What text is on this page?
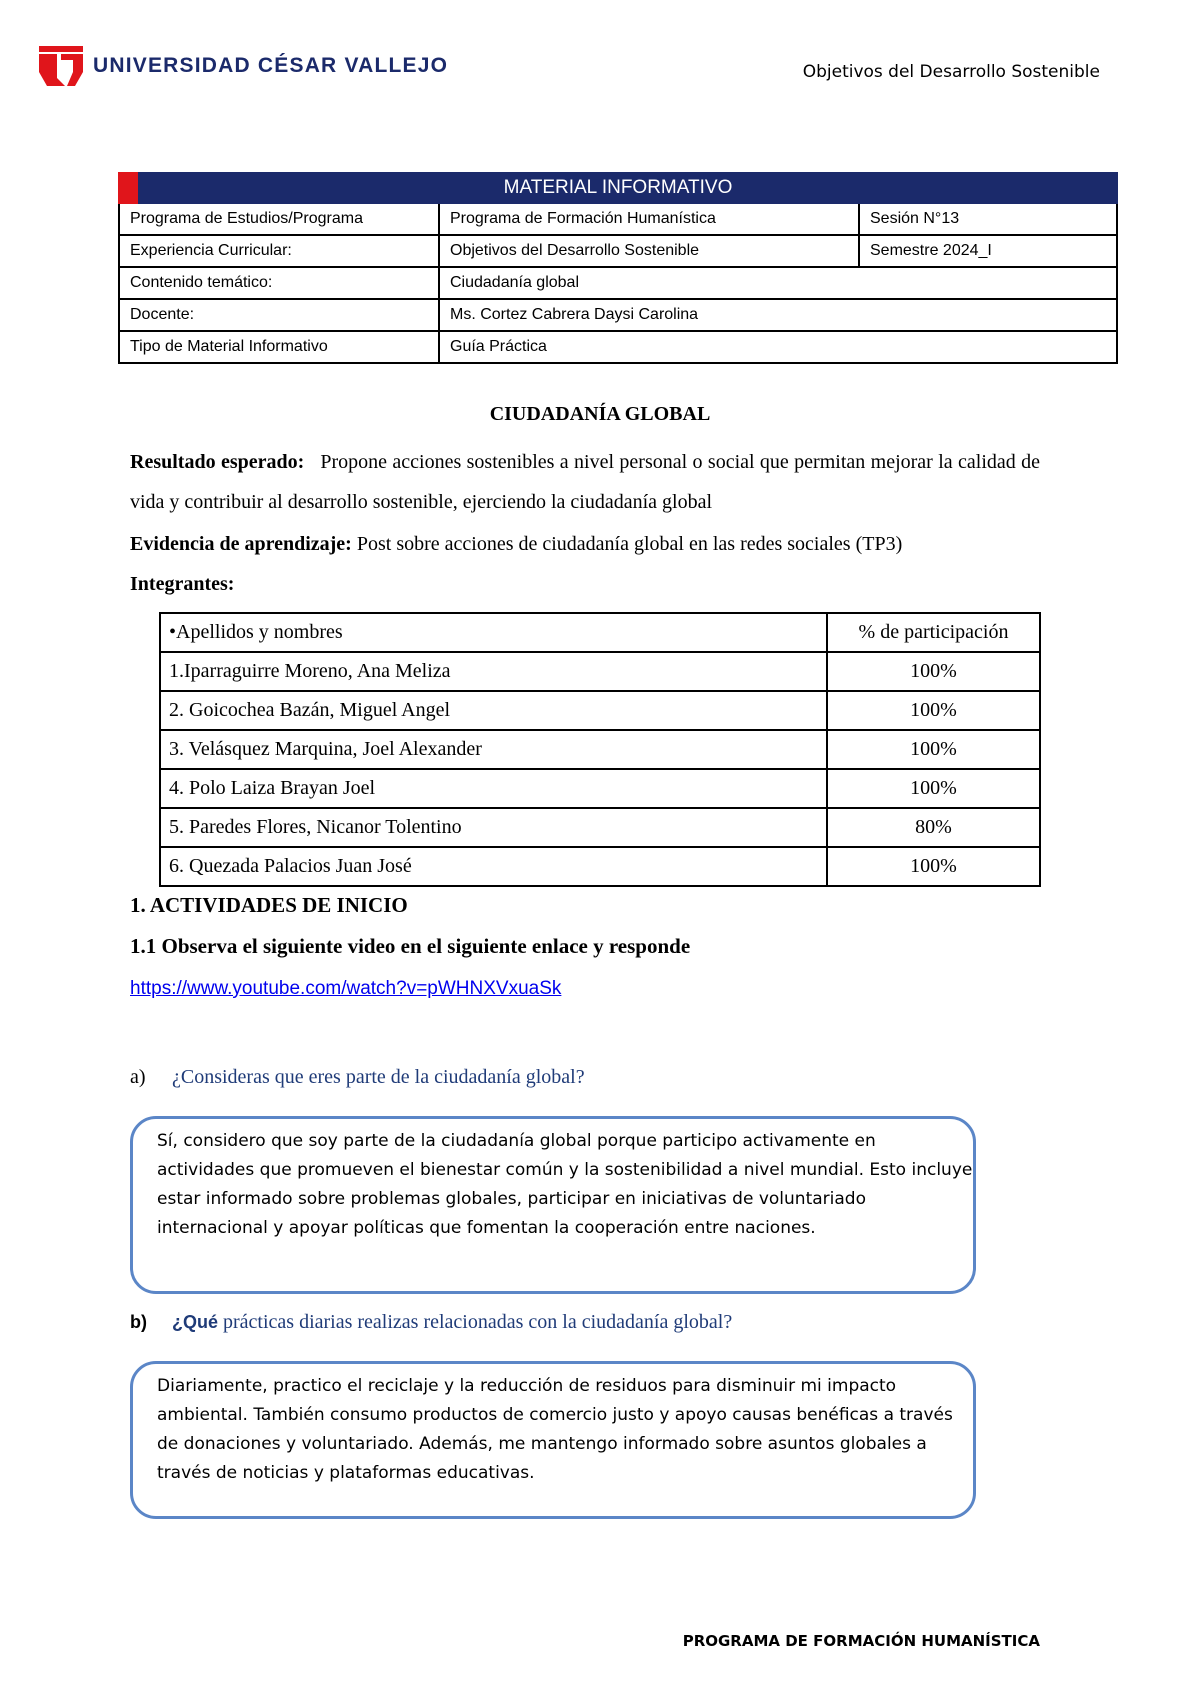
UNIVERSIDAD CÉSAR VALLEJO	Objetivos del Desarrollo Sostenible
MATERIAL INFORMATIVO		
Programa de Estudios/Programa	Programa de Formación Humanística	Sesión N°13
Experiencia Curricular:	Objetivos del Desarrollo Sostenible	Semestre 2024_I
Contenido temático:	Ciudadanía global	
Docente:	Ms. Cortez Cabrera Daysi Carolina	
Tipo de Material Informativo	Guía Práctica	
CIUDADANÍA GLOBAL
Resultado esperado: Propone acciones sostenibles a nivel personal o social que permitan mejorar la calidad de vida y contribuir al desarrollo sostenible, ejerciendo la ciudadanía global
Evidencia de aprendizaje: Post sobre acciones de ciudadanía global en las redes sociales (TP3)
Integrantes:
•Apellidos y nombres	% de participación
1.Iparraguirre Moreno, Ana Meliza	100%
2. Goicochea Bazán, Miguel Angel	100%
3. Velásquez Marquina, Joel Alexander	100%
4. Polo Laiza Brayan Joel	100%
5. Paredes Flores, Nicanor Tolentino	80%
6. Quezada Palacios Juan José	100%
1. ACTIVIDADES DE INICIO
1.1 Observa el siguiente video en el siguiente enlace y responde
https://www.youtube.com/watch?v=pWHNXVxuaSk
a) ¿Consideras que eres parte de la ciudadanía global?
Sí, considero que soy parte de la ciudadanía global porque participo activamente en actividades que promueven el bienestar común y la sostenibilidad a nivel mundial. Esto incluye estar informado sobre problemas globales, participar en iniciativas de voluntariado internacional y apoyar políticas que fomentan la cooperación entre naciones.
b) ¿Qué prácticas diarias realizas relacionadas con la ciudadanía global?
Diariamente, practico el reciclaje y la reducción de residuos para disminuir mi impacto ambiental. También consumo productos de comercio justo y apoyo causas benéficas a través de donaciones y voluntariado. Además, me mantengo informado sobre asuntos globales a través de noticias y plataformas educativas.
PROGRAMA DE FORMACIÓN HUMANÍSTICA
